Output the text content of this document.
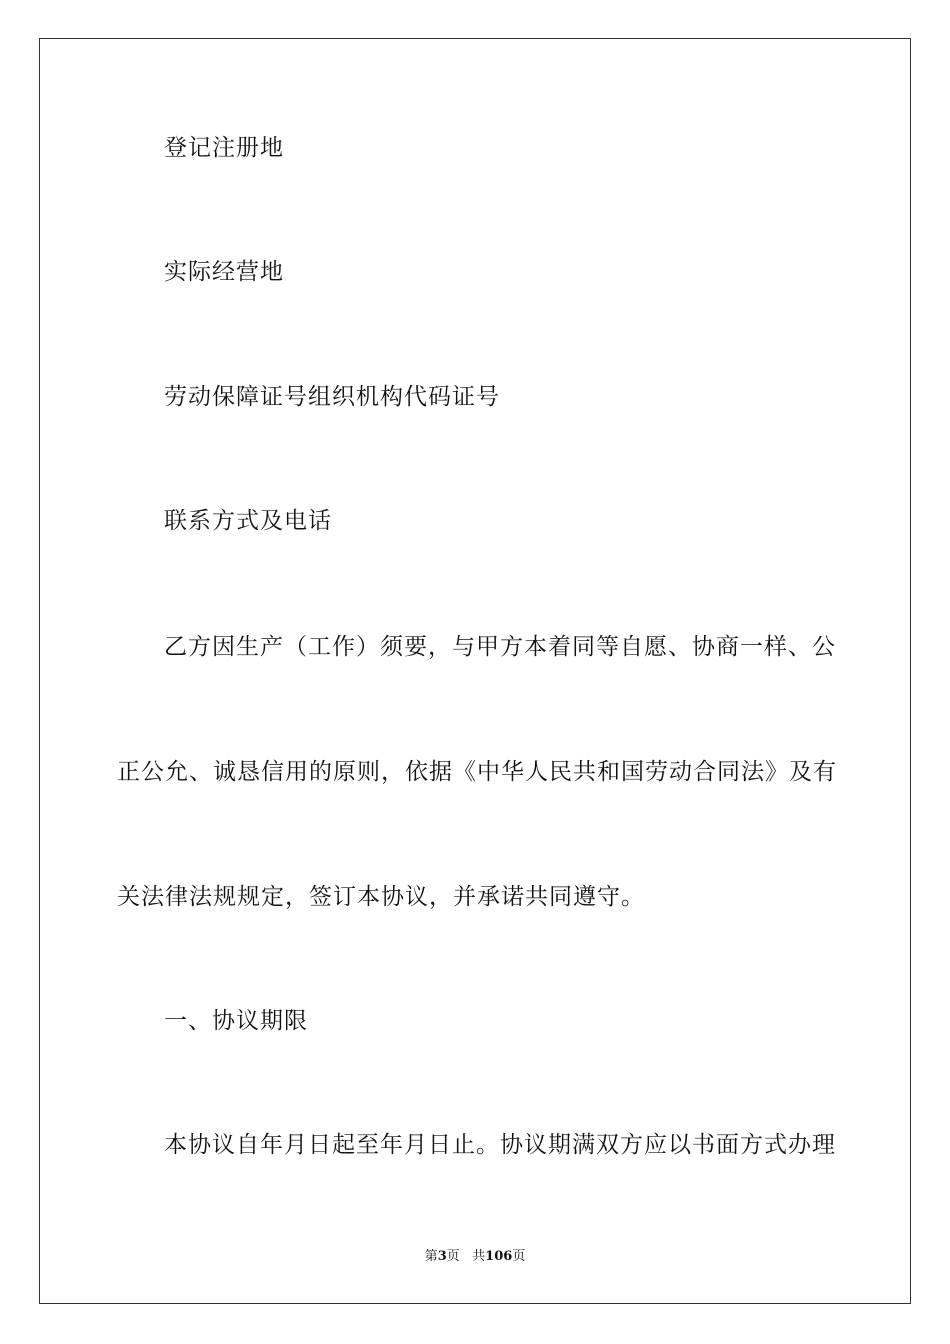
登记注册地
实际经营地
劳动保障证号组织机构代码证号
联系方式及电话
乙方因生产（工作）须要，与甲方本着同等自愿、协商一样、公
正公允、诚恳信用的原则，依据《中华人民共和国劳动合同法》及有
关法律法规规定，签订本协议，并承诺共同遵守。
一、协议期限
本协议自年月日起至年月日止。协议期满双方应以书面方式办理
第3页 共106页
